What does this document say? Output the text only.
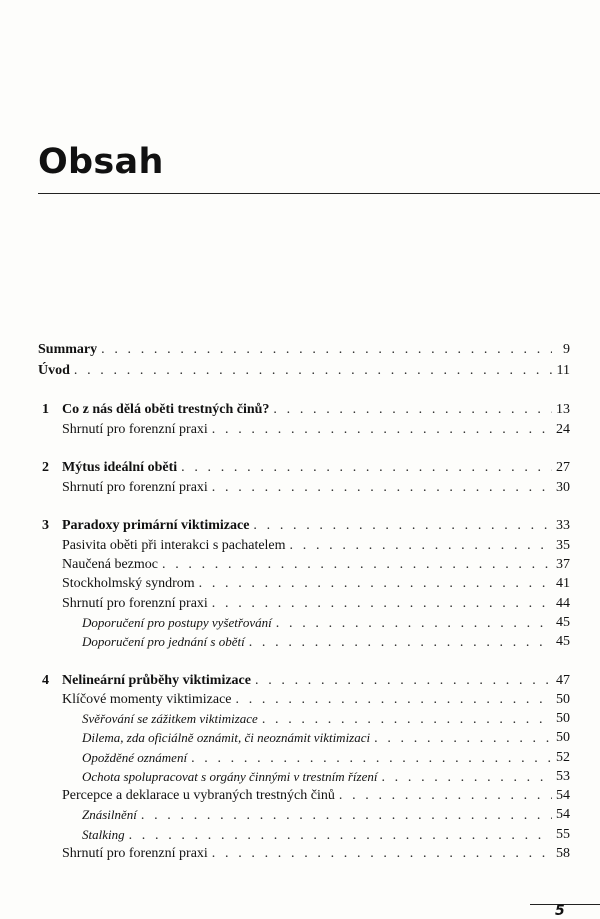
Obsah
Summary . . .	9
Úvod . . .	11
1 Co z nás dělá oběti trestných činů? . . .	13
Shrnutí pro forenzní praxi . . .	24
2 Mýtus ideální oběti . . .	27
Shrnutí pro forenzní praxi . . .	30
3 Paradoxy primární viktimizace . . .	33
Pasivita oběti při interakci s pachatelem . . .	35
Naučená bezmoc . . .	37
Stockholmský syndrom . . .	41
Shrnutí pro forenzní praxi . . .	44
Doporučení pro postupy vyšetřování . . .	45
Doporučení pro jednání s obětí . . .	45
4 Nelineární průběhy viktimizace . . .	47
Klíčové momenty viktimizace . . .	50
Svěřování se zážitkem viktimizace . . .	50
Dilema, zda oficiálně oznámit, či neoznámit viktimizaci . . .	50
Opožděné oznámení . . .	52
Ochota spolupracovat s orgány činnými v trestním řízení . . .	53
Percepce a deklarace u vybraných trestných činů . . .	54
Znásilnění . . .	54
Stalking . . .	55
Shrnutí pro forenzní praxi . . .	58
5
